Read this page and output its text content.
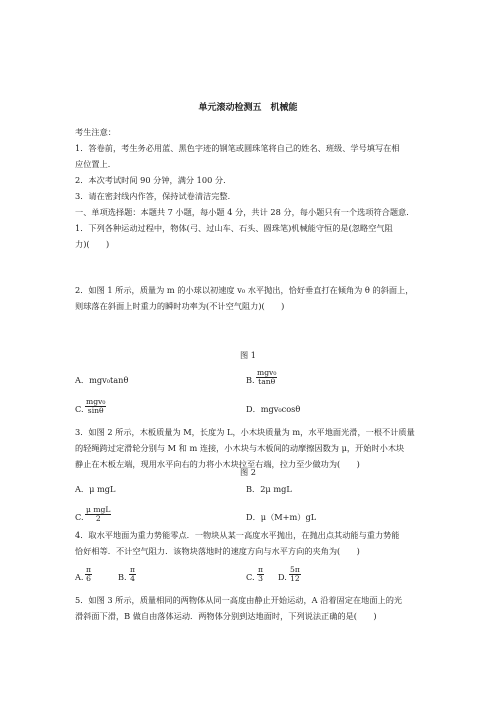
单元滚动检测五　机械能
考生注意：
1．答卷前，考生务必用蓝、黑色字迹的钢笔或圆珠笔将自己的姓名、班级、学号填写在相
应位置上．
2．本次考试时间 90 分钟，满分 100 分．
3．请在密封线内作答，保持试卷清洁完整．
一、单项选择题：本题共 7 小题，每小题 4 分，共计 28 分，每小题只有一个选项符合题意．
1．下列各种运动过程中，物体(弓、过山车、石头、圆珠笔)机械能守恒的是(忽略空气阻
力)(　　)
2．如图 1 所示，质量为 m 的小球以初速度 v₀ 水平抛出，恰好垂直打在倾角为 θ 的斜面上，
则球落在斜面上时重力的瞬时功率为(不计空气阻力)(　　)
图 1
A．mgv₀tanθ	B.
mgv₀
tanθ
C.
mgv₀
sinθ	D．mgv₀cosθ
3．如图 2 所示，木板质量为 M，长度为 L，小木块质量为 m，水平地面光滑，一根不计质量
的轻绳跨过定滑轮分别与 M 和 m 连接，小木块与木板间的动摩擦因数为 μ，开始时小木块
静止在木板左端，现用水平向右的力将小木块拉至右端，拉力至少做功为(　　)
图 2
A．μ mgL	B．2μ mgL
C.
μ mgL
2	D．μ（M+m）gL
4．取水平地面为重力势能零点．一物块从某一高度水平抛出，在抛出点其动能与重力势能
恰好相等．不计空气阻力．该物块落地时的速度方向与水平方向的夹角为(　　)
A. $\frac{\pi}{6}$	B. $\frac{\pi}{4}$	C. $\frac{\pi}{3} D$. $\frac{5\pi}{12}$
5．如图 3 所示，质量相同的两物体从同一高度由静止开始运动，A 沿着固定在地面上的光
滑斜面下滑，B 做自由落体运动．两物体分别到达地面时，下列说法正确的是(　　)
